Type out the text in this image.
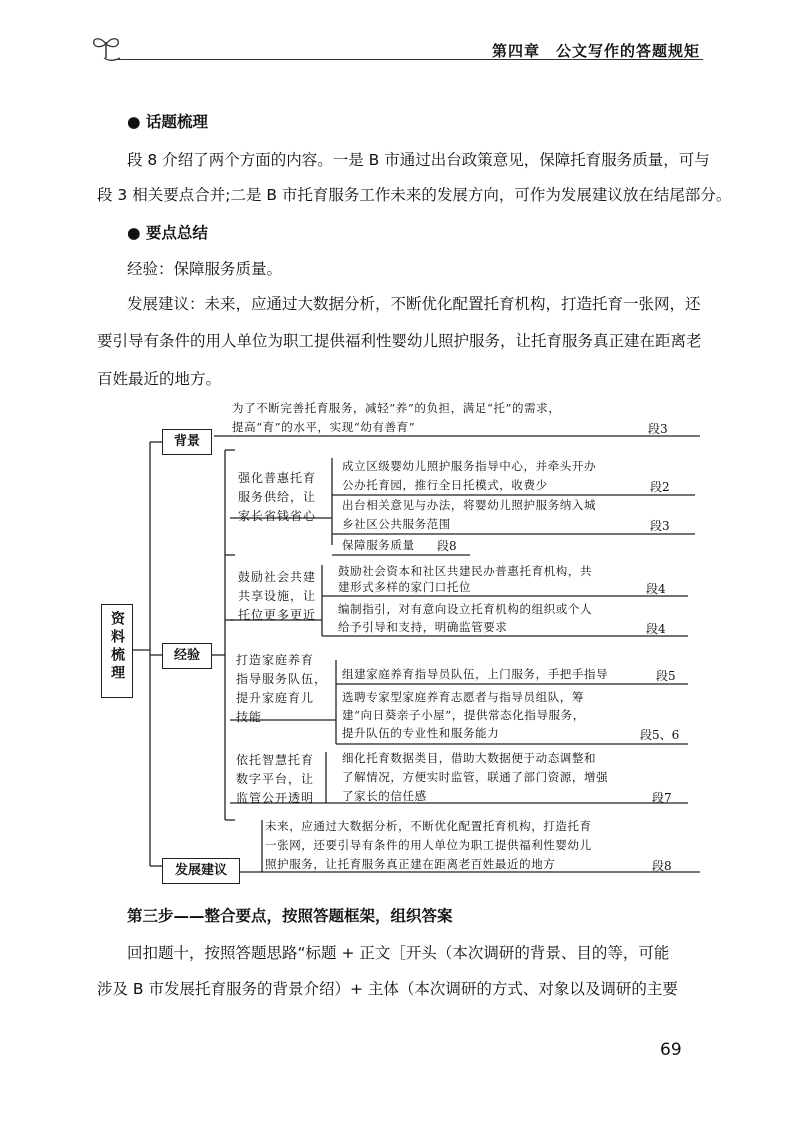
第四章　公文写作的答题规矩
● 话题梳理
段 8 介绍了两个方面的内容。一是 B 市通过出台政策意见，保障托育服务质量，可与
段 3 相关要点合并;二是 B 市托育服务工作未来的发展方向，可作为发展建议放在结尾部分。
● 要点总结
经验：保障服务质量。
发展建议：未来，应通过大数据分析，不断优化配置托育机构，打造托育一张网，还
要引导有条件的用人单位为职工提供福利性婴幼儿照护服务，让托育服务真正建在距离老
百姓最近的地方。
资料梳理
背景
为了不断完善托育服务，减轻“养”的负担，满足“托”的需求，
提高“育”的水平，实现“幼有善育”	段3
经验
强化普惠托育
服务供给，让
家长省钱省心
成立区级婴幼儿照护服务指导中心，并牵头开办
公办托育园，推行全日托模式，收费少	段2
出台相关意见与办法，将婴幼儿照护服务纳入城
乡社区公共服务范围	段3
保障服务质量 段8
鼓励社会共建
共享设施，让
托位更多更近
鼓励社会资本和社区共建民办普惠托育机构，共
建形式多样的家门口托位	段4
编制指引，对有意向设立托育机构的组织或个人
给予引导和支持，明确监管要求	段4
打造家庭养育
指导服务队伍，
提升家庭育儿
技能
组建家庭养育指导员队伍，上门服务，手把手指导	段5
选聘专家型家庭养育志愿者与指导员组队，筹
建“向日葵亲子小屋”，提供常态化指导服务，
提升队伍的专业性和服务能力	段5、6
依托智慧托育
数字平台，让
监管公开透明
细化托育数据类目，借助大数据便于动态调整和
了解情况，方便实时监管，联通了部门资源，增强
了家长的信任感	段7
发展建议
未来，应通过大数据分析，不断优化配置托育机构，打造托育
一张网，还要引导有条件的用人单位为职工提供福利性婴幼儿
照护服务，让托育服务真正建在距离老百姓最近的地方	段8
第三步——整合要点，按照答题框架，组织答案
回扣题十，按照答题思路“标题 + 正文［开头（本次调研的背景、目的等，可能
涉及 B 市发展托育服务的背景介绍）+ 主体（本次调研的方式、对象以及调研的主要
69
